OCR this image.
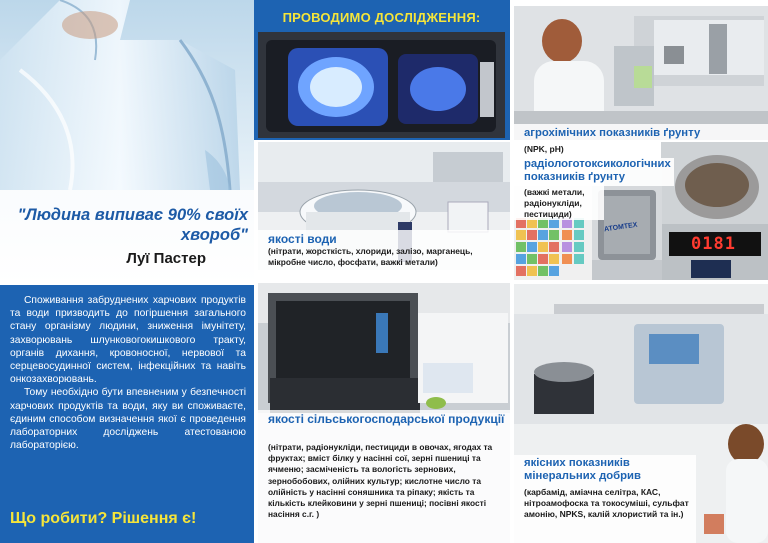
"Людина випиває 90% своїх хвороб"
Луї Пастер

Споживання забруднених харчових продуктів та води призводить до погіршення загального стану організму людини, зниження імунітету, захворювань шлунковогокишкового тракту, органів дихання, кровоносної, нервової та серцевосудинної систем, інфекційних та навіть онкозахворювань.

Тому необхідно бути впевненим у безпечності харчових продуктів та води, яку ви споживаєте, єдиним способом визначення якої є проведення лабораторних досліджень атестованою лабораторією.

Що робити? Рішення є!
ПРОВОДИМО ДОСЛІДЖЕННЯ:
якості води
(нітрати, жорсткість, хлориди, залізо, марганець, мікробне число, фосфати, важкі метали)
якості сільськогосподарської продукції
(нітрати, радіонукліди, пестициди в овочах, ягодах та фруктах; вміст білку у насінні сої, зерні пшениці та ячменю; засміченість та вологість зернових, зернобобових, олійних культур; кислотне число та олійність у насінні соняшника та ріпаку; якість та кількість клейковини у зерні пшениці; посівні якості насіння с.г. )
агрохімічних показників ґрунту
(NPK, pH)
0181
ATOMTEX
радіологотоксикологічних показників ґрунту
(важкі метали, радіонукліди, пестициди)
якісних показників мінеральних добрив
(карбамід, аміачна селітра, КАС, нітроамофоска та токосуміші, сульфат амонію, NPKS, калій хлористий та ін.)
